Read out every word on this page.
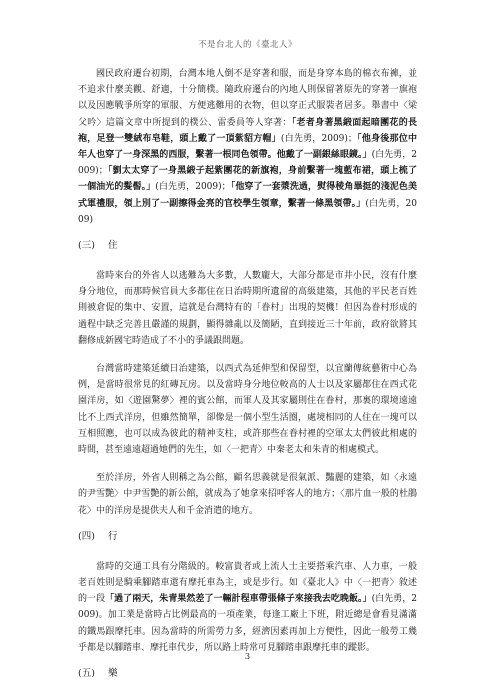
不是台北人的《臺北人》

國民政府遷台初期，台灣本地人倒不是穿著和服，而是身穿本島的棉衣布褲，並不追求什麼美觀、舒適，十分簡樸。隨政府遷台的內地人則保留著原先的穿著一旗袍以及因應戰爭所穿的軍服、方便逃難用的衣物，但以穿正式服裝者居多。舉書中〈梁父吟〉這篇文章中所提到的樸公、雷委員等人穿著：「老者身著黑緞面起暗團花的長袍，足登一雙絨布皂鞋，頭上戴了一頂紫貂方帽」(白先勇，2009)；「他身後那位中年人也穿了一身深黑的西服，繫著一根同色領帶。他戴了一副銀絲眼鏡。」(白先勇，2009)；「劉太太穿了一身黑緞子起紫團花的新旗袍，身前繫著一塊藍布裙，頭上梳了一個油光的髮髻。」(白先勇，2009)；「他穿了一套漿洗過，熨得稜角畢挺的淺泥色美式軍禮服，領上別了一副擦得金亮的官校學生領章，繫著一條黑領帶。」(白先勇，2009)

(三) 住

當時來台的外省人以逃難為大多數，人數龐大，大部分都是市井小民，沒有什麼身分地位，而那時候官員大多都住在日治時期所遺留的高級建築，其他的平民老百姓則被倉促的集中、安置，這就是台灣特有的「眷村」出現的契機！但因為眷村形成的過程中缺乏完善且嚴謹的規劃，顯得雜亂以及簡陋，直到接近三十年前，政府欲將其翻修成新國宅時造成了不小的爭議跟問題。

台灣當時建築延續日治建築，以西式為延伸型和保留型，以宜蘭傳統藝術中心為例，是當時很常見的紅磚瓦房。以及當時身分地位較高的人士以及家屬都住在西式花園洋房，如〈遊園驚夢〉裡的賓公館，而軍人及其家屬則住在眷村，那裏的環境遠遠比不上西式洋房，但雖然簡單，卻像是一個小型生活圈，處境相同的人住在一塊可以互相照應，也可以成為彼此的精神支柱，或許那些在眷村裡的空軍太太們彼此相處的時間，甚至遠遠超過她們的先生，如〈一把青〉中秦老太和朱青的相處模式。

至於洋房，外省人則稱之為公館，顧名思義就是很氣派、豔麗的建築，如〈永遠的尹雪艷〉中尹雪艷的新公館，就成為了她拿來招呼客人的地方；〈那片血一般的杜鵑花〉中的洋房是提供夫人和千金消遣的地方。

(四) 行

當時的交通工具有分階級的。較富貴者或上流人士主要搭乘汽車、人力車，一般老百姓則是騎乘腳踏車還有摩托車為主，或是步行。如《臺北人》中〈一把青〉敘述的一段「過了兩天，朱青果然差了一輛計程車帶張條子來接我去吃晚飯。」(白先勇，2009)。加工業是當時占比例最高的一項產業，每逢工廠上下班，附近總是會看見滿滿的鐵馬跟摩托車。因為當時的所需勞力多，經濟因素再加上方便性，因此一般勞工幾乎都是以腳踏車、摩托車代步，所以路上時常可見腳踏車跟摩托車的蹤影。

(五) 樂
3
